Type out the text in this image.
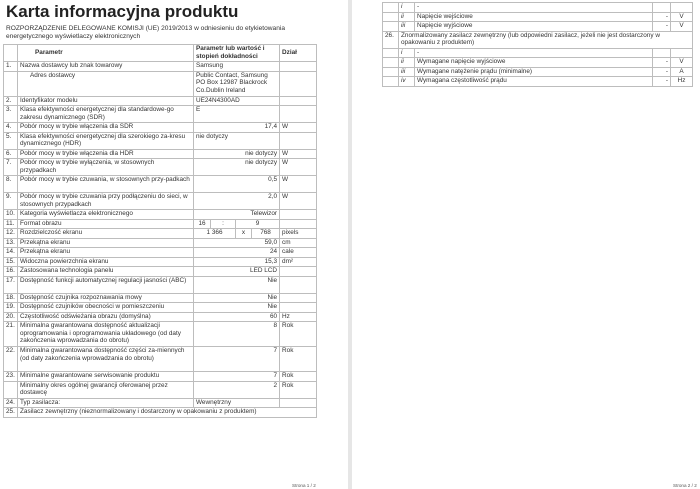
Karta informacyjna produktu
ROZPORZĄDZENIE DELEGOWANE KOMISJI (UE) 2019/2013 w odniesieniu do etykietowania energetycznego wyświetlaczy elektronicznych
	Parametr	Parametr lub wartość i stopień dokładności				Dział
1.	Nazwa dostawcy lub znak towarowy	Samsung				
	Adres dostawcy	Public Contact, Samsung PO Box 12987 Blackrock Co.Dublin Ireland				
2.	Identyfikator modelu	UE24N4300AD				
3.	Klasa efektywności energetycznej dla standardowe-go zakresu dynamicznego (SDR)	E				
4.	Pobór mocy w trybie włączenia dla SDR	17,4				W
5.	Klasa efektywności energetycznej dla szerokiego za-kresu dynamicznego (HDR)	nie dotyczy				
6.	Pobór mocy w trybie włączenia dla HDR	nie dotyczy				W
7.	Pobór mocy w trybie wyłączenia, w stosownych przypadkach	nie dotyczy				W
8.	Pobór mocy w trybie czuwania, w stosownych przy-padkach	0,5				W
9.	Pobór mocy w trybie czuwania przy podłączeniu do sieci, w stosownych przypadkach	2,0				W
10.	Kategoria wyświetlacza elektronicznego	Telewizor				
11.	Format obrazu	16	:	9		
12.	Rozdzielczość ekranu	1 366		x	768	pixels
13.	Przekątna ekranu	59,0				cm
14.	Przekątna ekranu	24				cale
15.	Widoczna powierzchnia ekranu	15,3				dm²
16.	Zastosowana technologia panelu	LED LCD				
17.	Dostępność funkcji automatycznej regulacji jasności (ABC)	Nie				
18.	Dostępność czujnika rozpoznawania mowy	Nie				
19.	Dostępność czujników obecności w pomieszczeniu	Nie				
20.	Częstotliwość odświeżania obrazu (domyślna)	60				Hz
21.	Minimalna gwarantowana dostępność aktualizacji oprogramowania i oprogramowania układowego (od daty zakończenia wprowadzania do obrotu)	8				Rok
22.	Minimalna gwarantowana dostępność części za-miennych (od daty zakończenia wprowadzania do obrotu)	7				Rok
23.	Minimalne gwarantowane serwisowanie produktu	7				Rok
	Minimalny okres ogólnej gwarancji oferowanej przez dostawcę	2				Rok
24.	Typ zasilacza:	Wewnętrzny				
25.	Zasilacz zewnętrzny (nieznormalizowany i dostarczony w opakowaniu z produktem)					
Strona 1 / 2
	i	-		
	ii	Napięcie wejściowe	-	V
	iii	Napięcie wyjściowe	-	V
26.	Znormalizowany zasilacz zewnętrzny (lub odpowiedni zasilacz, jeżeli nie jest dostarczony w opakowaniu z produktem)			
	i	-		
	ii	Wymagane napięcie wyjściowe	-	V
	iii	Wymagane natężenie prądu (minimalne)	-	A
	iv	Wymagana częstotliwość prądu	-	Hz
Strona 2 / 2
